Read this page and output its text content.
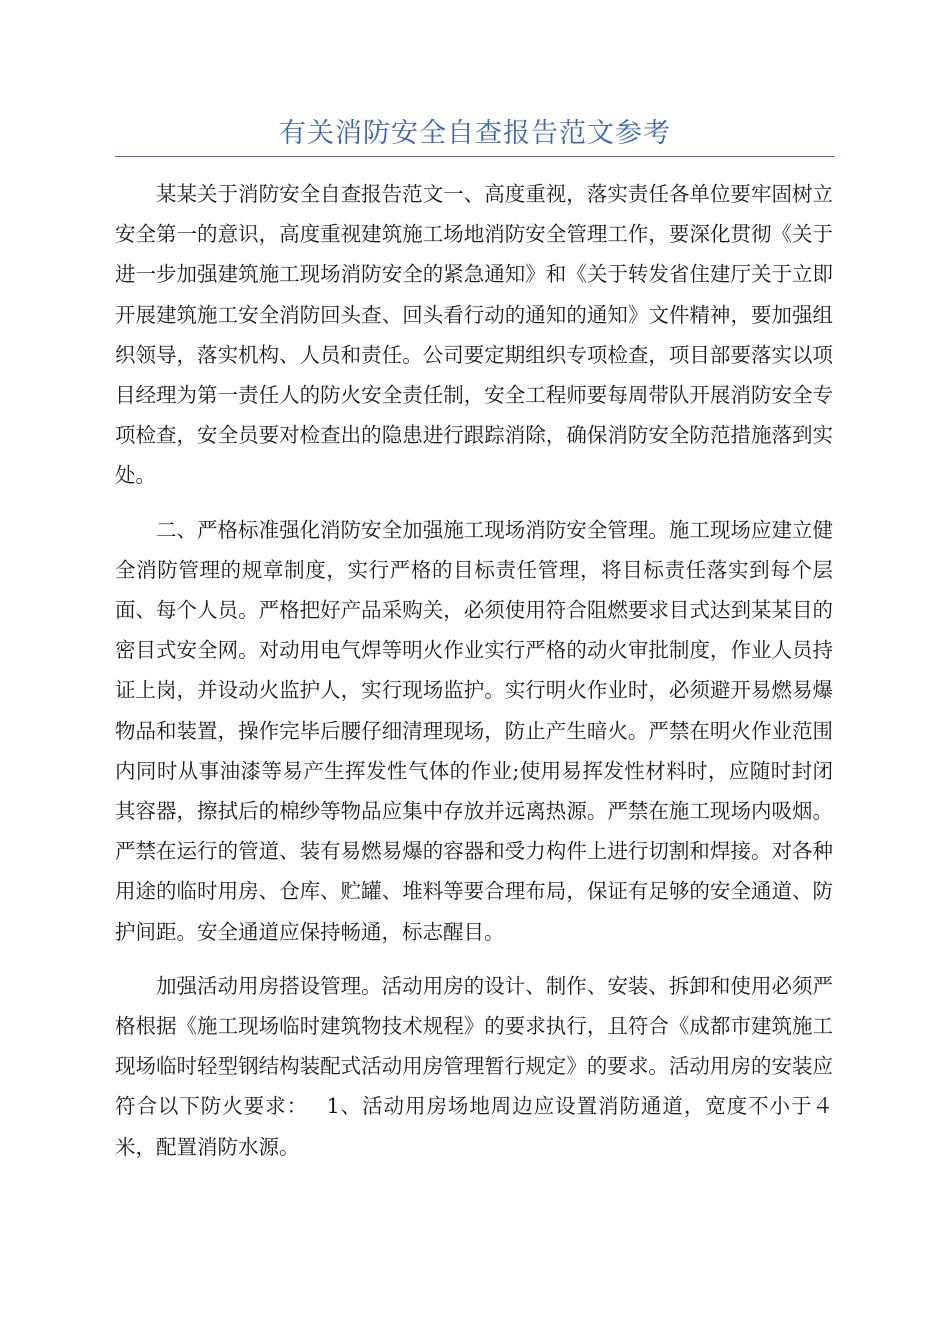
有关消防安全自查报告范文参考

某某关于消防安全自查报告范文一、高度重视，落实责任各单位要牢固树立安全第一的意识，高度重视建筑施工场地消防安全管理工作，要深化贯彻《关于进一步加强建筑施工现场消防安全的紧急通知》和《关于转发省住建厅关于立即开展建筑施工安全消防回头查、回头看行动的通知的通知》文件精神，要加强组织领导，落实机构、人员和责任。公司要定期组织专项检查，项目部要落实以项目经理为第一责任人的防火安全责任制，安全工程师要每周带队开展消防安全专项检查，安全员要对检查出的隐患进行跟踪消除，确保消防安全防范措施落到实处。

二、严格标准强化消防安全加强施工现场消防安全管理。施工现场应建立健全消防管理的规章制度，实行严格的目标责任管理，将目标责任落实到每个层面、每个人员。严格把好产品采购关，必须使用符合阻燃要求目式达到某某目的密目式安全网。对动用电气焊等明火作业实行严格的动火审批制度，作业人员持证上岗，并设动火监护人，实行现场监护。实行明火作业时，必须避开易燃易爆物品和装置，操作完毕后腰仔细清理现场，防止产生暗火。严禁在明火作业范围内同时从事油漆等易产生挥发性气体的作业;使用易挥发性材料时，应随时封闭其容器，擦拭后的棉纱等物品应集中存放并远离热源。严禁在施工现场内吸烟。严禁在运行的管道、装有易燃易爆的容器和受力构件上进行切割和焊接。对各种用途的临时用房、仓库、贮罐、堆料等要合理布局，保证有足够的安全通道、防护间距。安全通道应保持畅通，标志醒目。

加强活动用房搭设管理。活动用房的设计、制作、安装、拆卸和使用必须严格根据《施工现场临时建筑物技术规程》的要求执行，且符合《成都市建筑施工现场临时轻型钢结构装配式活动用房管理暂行规定》的要求。活动用房的安装应符合以下防火要求：　 1、活动用房场地周边应设置消防通道，宽度不小于４米，配置消防水源。
